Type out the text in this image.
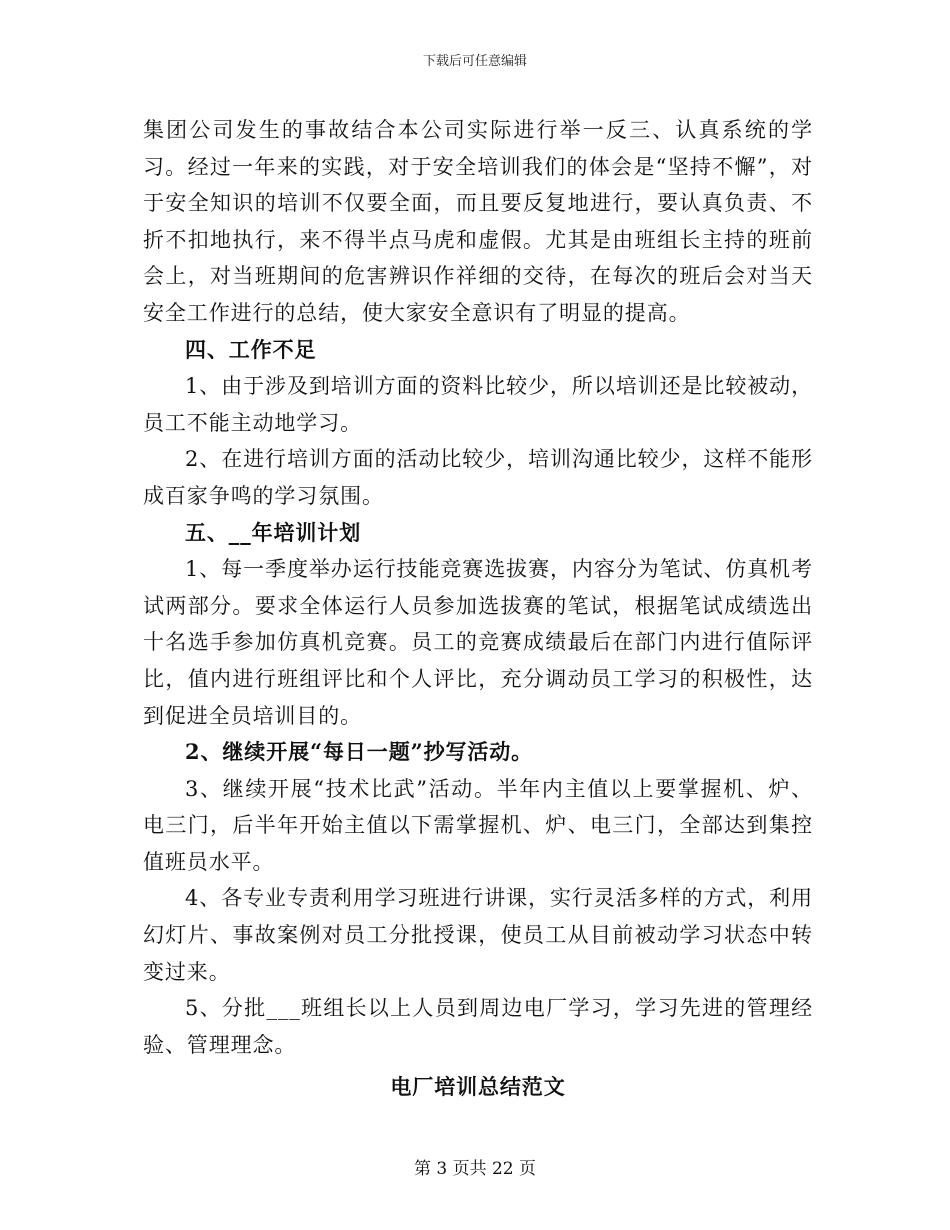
下载后可任意编辑

集团公司发生的事故结合本公司实际进行举一反三、认真系统的学习。经过一年来的实践，对于安全培训我们的体会是“坚持不懈”，对于安全知识的培训不仅要全面，而且要反复地进行，要认真负责、不折不扣地执行，来不得半点马虎和虚假。尤其是由班组长主持的班前会上，对当班期间的危害辨识作祥细的交待，在每次的班后会对当天安全工作进行的总结，使大家安全意识有了明显的提高。

四、工作不足

1、由于涉及到培训方面的资料比较少，所以培训还是比较被动，员工不能主动地学习。

2、在进行培训方面的活动比较少，培训沟通比较少，这样不能形成百家争鸣的学习氛围。

五、__年培训计划

1、每一季度举办运行技能竞赛选拔赛，内容分为笔试、仿真机考试两部分。要求全体运行人员参加选拔赛的笔试，根据笔试成绩选出十名选手参加仿真机竞赛。员工的竞赛成绩最后在部门内进行值际评比，值内进行班组评比和个人评比，充分调动员工学习的积极性，达到促进全员培训目的。

2、继续开展“每日一题”抄写活动。

3、继续开展“技术比武”活动。半年内主值以上要掌握机、炉、电三门，后半年开始主值以下需掌握机、炉、电三门，全部达到集控值班员水平。

4、各专业专责利用学习班进行讲课，实行灵活多样的方式，利用幻灯片、事故案例对员工分批授课，使员工从目前被动学习状态中转变过来。

5、分批___班组长以上人员到周边电厂学习，学习先进的管理经验、管理理念。

电厂培训总结范文

第 3 页共 22 页
